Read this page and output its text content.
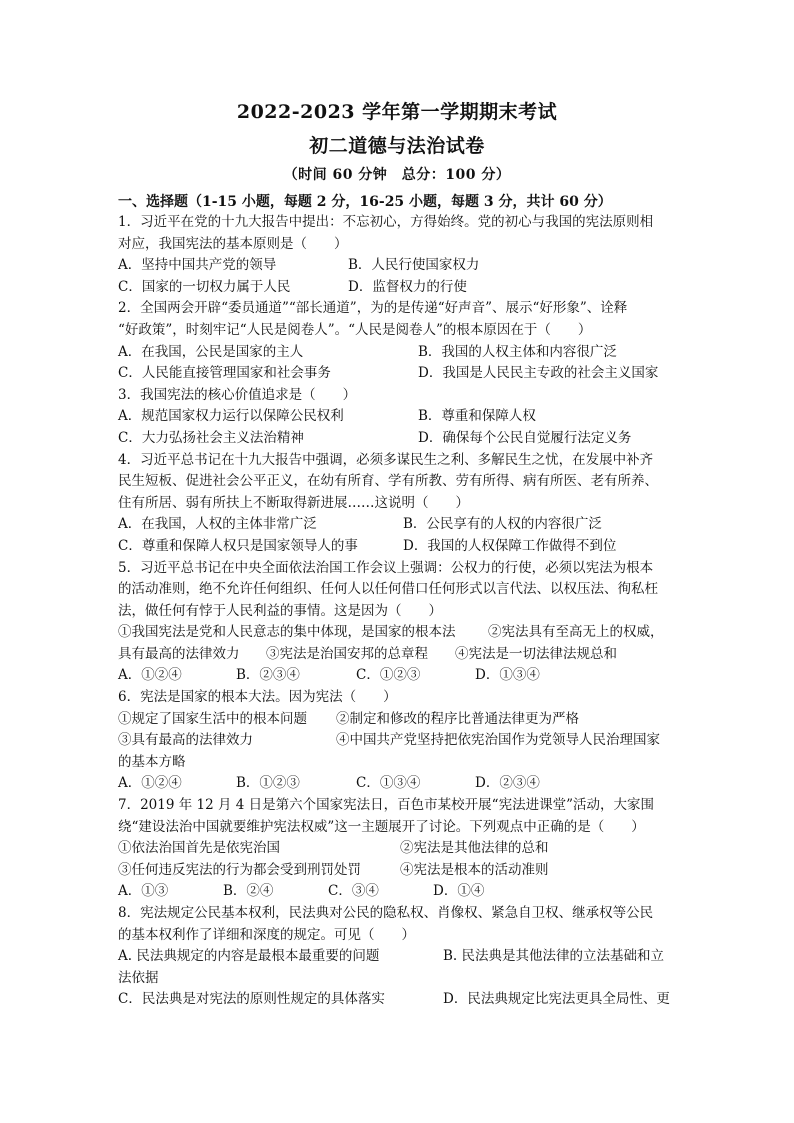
2022-2023 学年第一学期期末考试
初二道德与法治试卷
（时间 60 分钟　总分：100 分）
一、选择题（1-15 小题，每题 2 分，16-25 小题，每题 3 分，共计 60 分）
1．习近平在党的十九大报告中提出：不忘初心，方得始终。党的初心与我国的宪法原则相
对应，我国宪法的基本原则是（　　）
A．坚持中国共产党的领导	B．人民行使国家权力
C．国家的一切权力属于人民	D．监督权力的行使
2．全国两会开辟“委员通道”“部长通道”，为的是传递“好声音”、展示“好形象”、诠释
“好政策”，时刻牢记“人民是阅卷人”。“人民是阅卷人”的根本原因在于（　　）
A．在我国，公民是国家的主人	B．我国的人权主体和内容很广泛
C．人民能直接管理国家和社会事务	D．我国是人民民主专政的社会主义国家
3．我国宪法的核心价值追求是（　　）
A．规范国家权力运行以保障公民权利	B．尊重和保障人权
C．大力弘扬社会主义法治精神	D．确保每个公民自觉履行法定义务
4．习近平总书记在十九大报告中强调，必须多谋民生之利、多解民生之忧，在发展中补齐
民生短板、促进社会公平正义，在幼有所育、学有所教、劳有所得、病有所医、老有所养、
住有所居、弱有所扶上不断取得新进展……这说明（　　）
A．在我国，人权的主体非常广泛	B．公民享有的人权的内容很广泛
C．尊重和保障人权只是国家领导人的事	D．我国的人权保障工作做得不到位
5．习近平总书记在中央全面依法治国工作会议上强调：公权力的行使，必须以宪法为根本
的活动准则，绝不允许任何组织、任何人以任何借口任何形式以言代法、以权压法、徇私枉
法，做任何有悖于人民利益的事情。这是因为（　　）
①我国宪法是党和人民意志的集中体现，是国家的根本法 ②宪法具有至高无上的权威，
具有最高的法律效力 ③宪法是治国安邦的总章程 ④宪法是一切法律法规总和
A．①②④	B．②③④	C．①②③	D．①③④
6．宪法是国家的根本大法。因为宪法（　　）
①规定了国家生活中的根本问题 ②制定和修改的程序比普通法律更为严格
③具有最高的法律效力	④中国共产党坚持把依宪治国作为党领导人民治理国家
的基本方略
A．①②④	B．①②③	C．①③④	D．②③④
7．2019 年 12 月 4 日是第六个国家宪法日，百色市某校开展“宪法进课堂”活动，大家围
绕“建设法治中国就要维护宪法权威”这一主题展开了讨论。下列观点中正确的是（　　）
①依法治国首先是依宪治国	②宪法是其他法律的总和
③任何违反宪法的行为都会受到刑罚处罚	④宪法是根本的活动准则
A．①③	B．②④	C．③④	D．①④
8．宪法规定公民基本权利，民法典对公民的隐私权、肖像权、紧急自卫权、继承权等公民
的基本权利作了详细和深度的规定。可见（　　）
A. 民法典规定的内容是最根本最重要的问题	B. 民法典是其他法律的立法基础和立
法依据
C．民法典是对宪法的原则性规定的具体落实	D．民法典规定比宪法更具全局性、更
